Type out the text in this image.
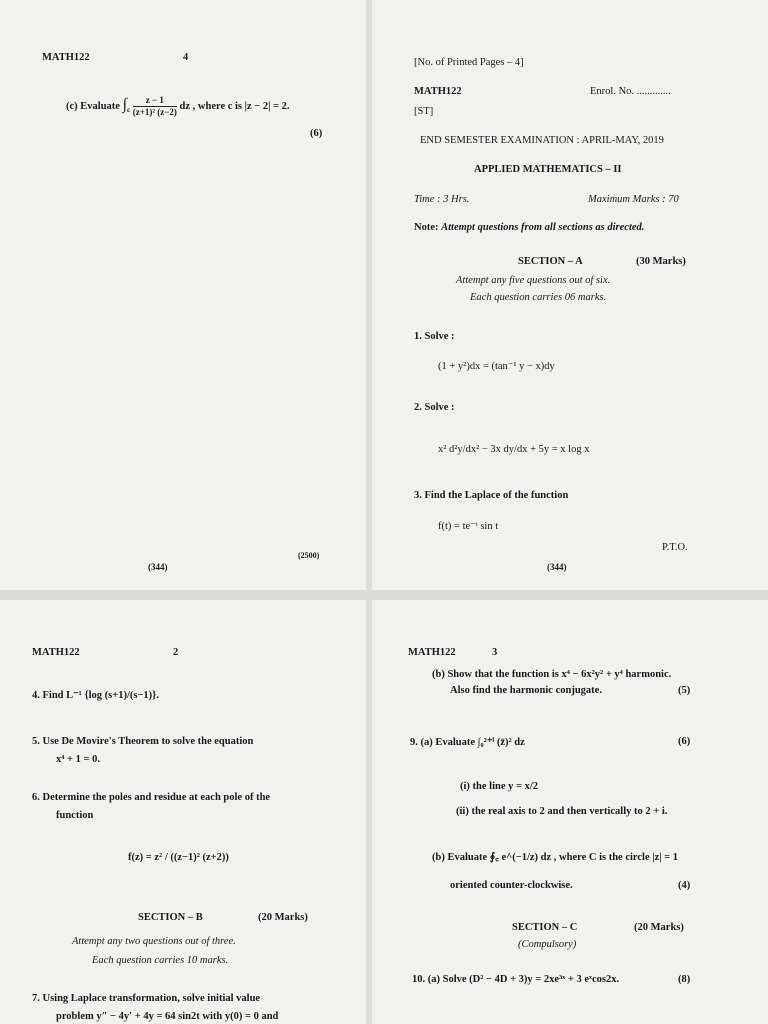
MATH122	4
(c) Evaluate $\int_c \frac{z - 1}{\text{(z+1)² (z−2)}}$ dz , where c is |z − 2| = 2.
(6)
(344)
(2500)
[No. of Printed Pages – 4]
MATH122	Enrol. No. .............
[ST]
END SEMESTER EXAMINATION : APRIL-MAY, 2019
APPLIED MATHEMATICS – II
Time : 3 Hrs.	Maximum Marks : 70
Note: Attempt questions from all sections as directed.
SECTION – A	(30 Marks)
Attempt any five questions out of six.
Each question carries 06 marks.
1. Solve :
(1 + y²)dx = (tan⁻¹ y − x)dy
2. Solve :
x² d²y/dx² − 3x dy/dx + 5y = x log x
3. Find the Laplace of the function
f(t) = te⁻ᵗ sin t
P.T.O.
(344)
MATH122	2
4. Find L⁻¹ {log (s+1)/(s−1)}.
5. Use De Movire's Theorem to solve the equation
x⁴ + 1 = 0.
6. Determine the poles and residue at each pole of the
function
f(z) = z² / ((z−1)² (z+2))
SECTION – B	(20 Marks)
Attempt any two questions out of three.
Each question carries 10 marks.
7. Using Laplace transformation, solve initial value
problem y″ − 4y′ + 4y = 64 sin2t with y(0) = 0 and
MATH122	3
(b) Show that the function is x⁴ − 6x²y² + y⁴ harmonic.
Also find the harmonic conjugate.	(5)
9. (a) Evaluate ∫₀²⁺ⁱ (z̄)² dz	(6)
(i) the line y = x/2
(ii) the real axis to 2 and then vertically to 2 + i.
(b) Evaluate ∮꜀ e^(−1/z) dz , where C is the circle |z| = 1
oriented counter-clockwise.	(4)
SECTION – C	(20 Marks)
(Compulsory)
10. (a) Solve (D² − 4D + 3)y = 2xe³ˣ + 3 eˣcos2x.	(8)
